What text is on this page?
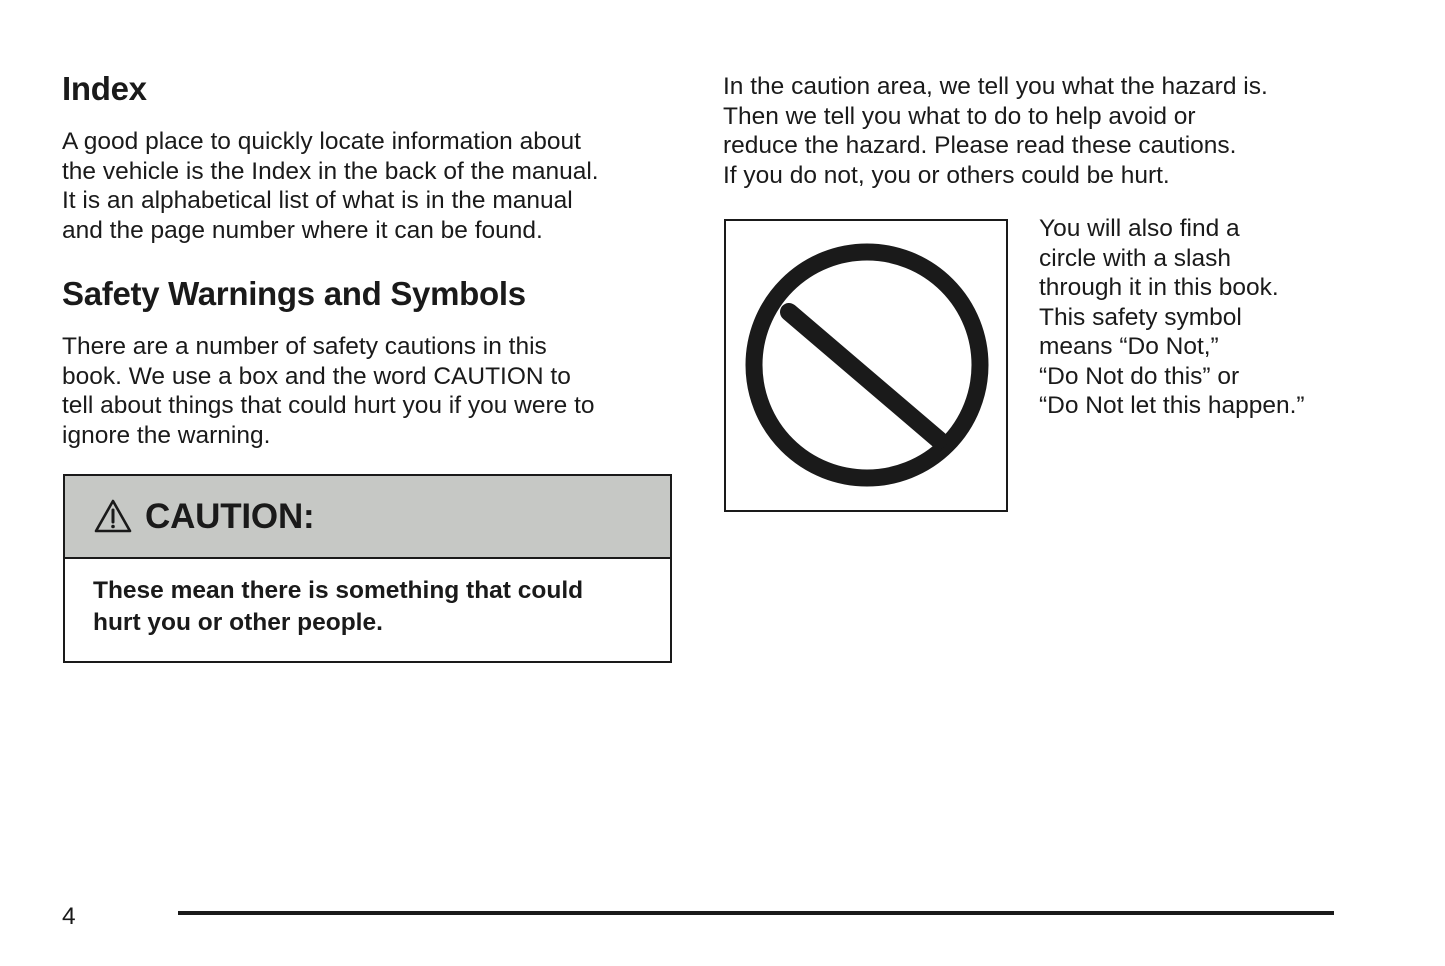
Index

A good place to quickly locate information about
the vehicle is the Index in the back of the manual.
It is an alphabetical list of what is in the manual
and the page number where it can be found.

Safety Warnings and Symbols

There are a number of safety cautions in this
book. We use a box and the word CAUTION to
tell about things that could hurt you if you were to
ignore the warning.

CAUTION:

These mean there is something that could
hurt you or other people.

In the caution area, we tell you what the hazard is.
Then we tell you what to do to help avoid or
reduce the hazard. Please read these cautions.
If you do not, you or others could be hurt.

You will also find a
circle with a slash
through it in this book.
This safety symbol
means “Do Not,”
“Do Not do this” or
“Do Not let this happen.”

4
